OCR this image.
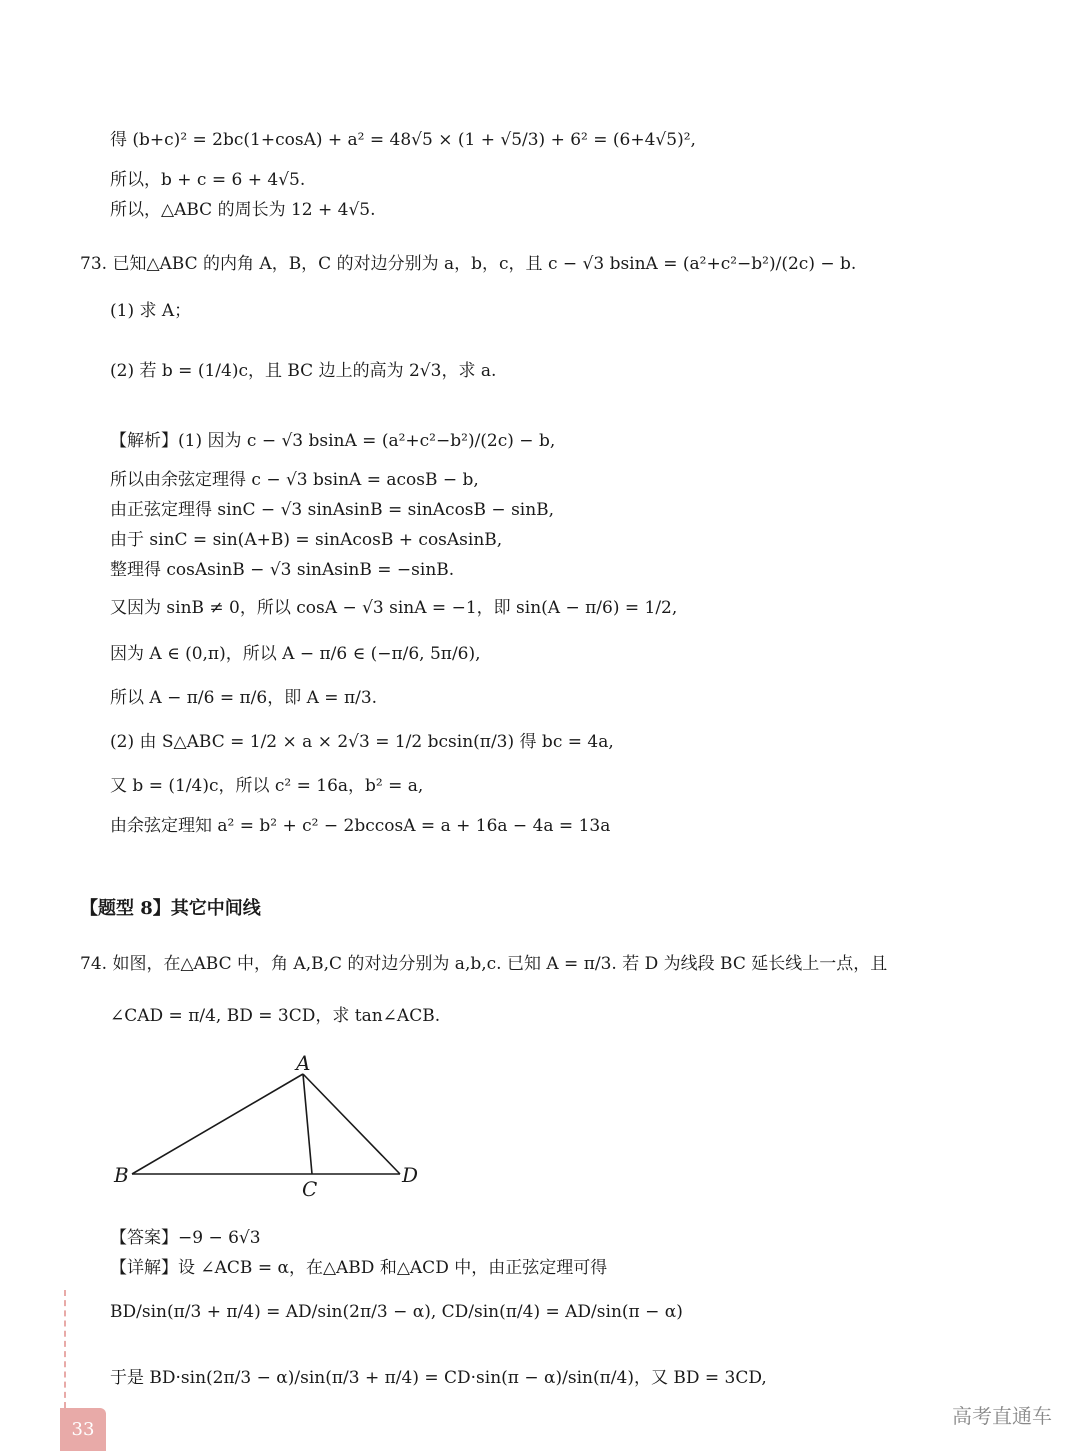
得 (b+c)² = 2bc(1+cosA) + a² = 48√5 × (1 + √5/3) + 6² = (6+4√5)²,
所以，b + c = 6 + 4√5.
所以，△ABC 的周长为 12 + 4√5.
73. 已知△ABC 的内角 A，B，C 的对边分别为 a，b，c，且 c − √3 bsinA = (a²+c²−b²)/(2c) − b.
(1) 求 A；
(2) 若 b = (1/4)c，且 BC 边上的高为 2√3，求 a.
【解析】(1) 因为 c − √3 bsinA = (a²+c²−b²)/(2c) − b,
所以由余弦定理得 c − √3 bsinA = acosB − b,
由正弦定理得 sinC − √3 sinAsinB = sinAcosB − sinB,
由于 sinC = sin(A+B) = sinAcosB + cosAsinB,
整理得 cosAsinB − √3 sinAsinB = −sinB.
又因为 sinB ≠ 0，所以 cosA − √3 sinA = −1，即 sin(A − π/6) = 1/2,
因为 A ∈ (0,π)，所以 A − π/6 ∈ (−π/6, 5π/6),
所以 A − π/6 = π/6，即 A = π/3.
(2) 由 S△ABC = 1/2 × a × 2√3 = 1/2 bcsin(π/3) 得 bc = 4a,
又 b = (1/4)c，所以 c² = 16a，b² = a,
由余弦定理知 a² = b² + c² − 2bccosA = a + 16a − 4a = 13a
【题型 8】其它中间线
74. 如图，在△ABC 中，角 A,B,C 的对边分别为 a,b,c. 已知 A = π/3. 若 D 为线段 BC 延长线上一点，且
∠CAD = π/4, BD = 3CD，求 tan∠ACB.
A
B
C
D
【答案】−9 − 6√3
【详解】设 ∠ACB = α，在△ABD 和△ACD 中，由正弦定理可得
BD/sin(π/3 + π/4) = AD/sin(2π/3 − α), CD/sin(π/4) = AD/sin(π − α)
于是 BD·sin(2π/3 − α)/sin(π/3 + π/4) = CD·sin(π − α)/sin(π/4)，又 BD = 3CD,
33
高考直通车
